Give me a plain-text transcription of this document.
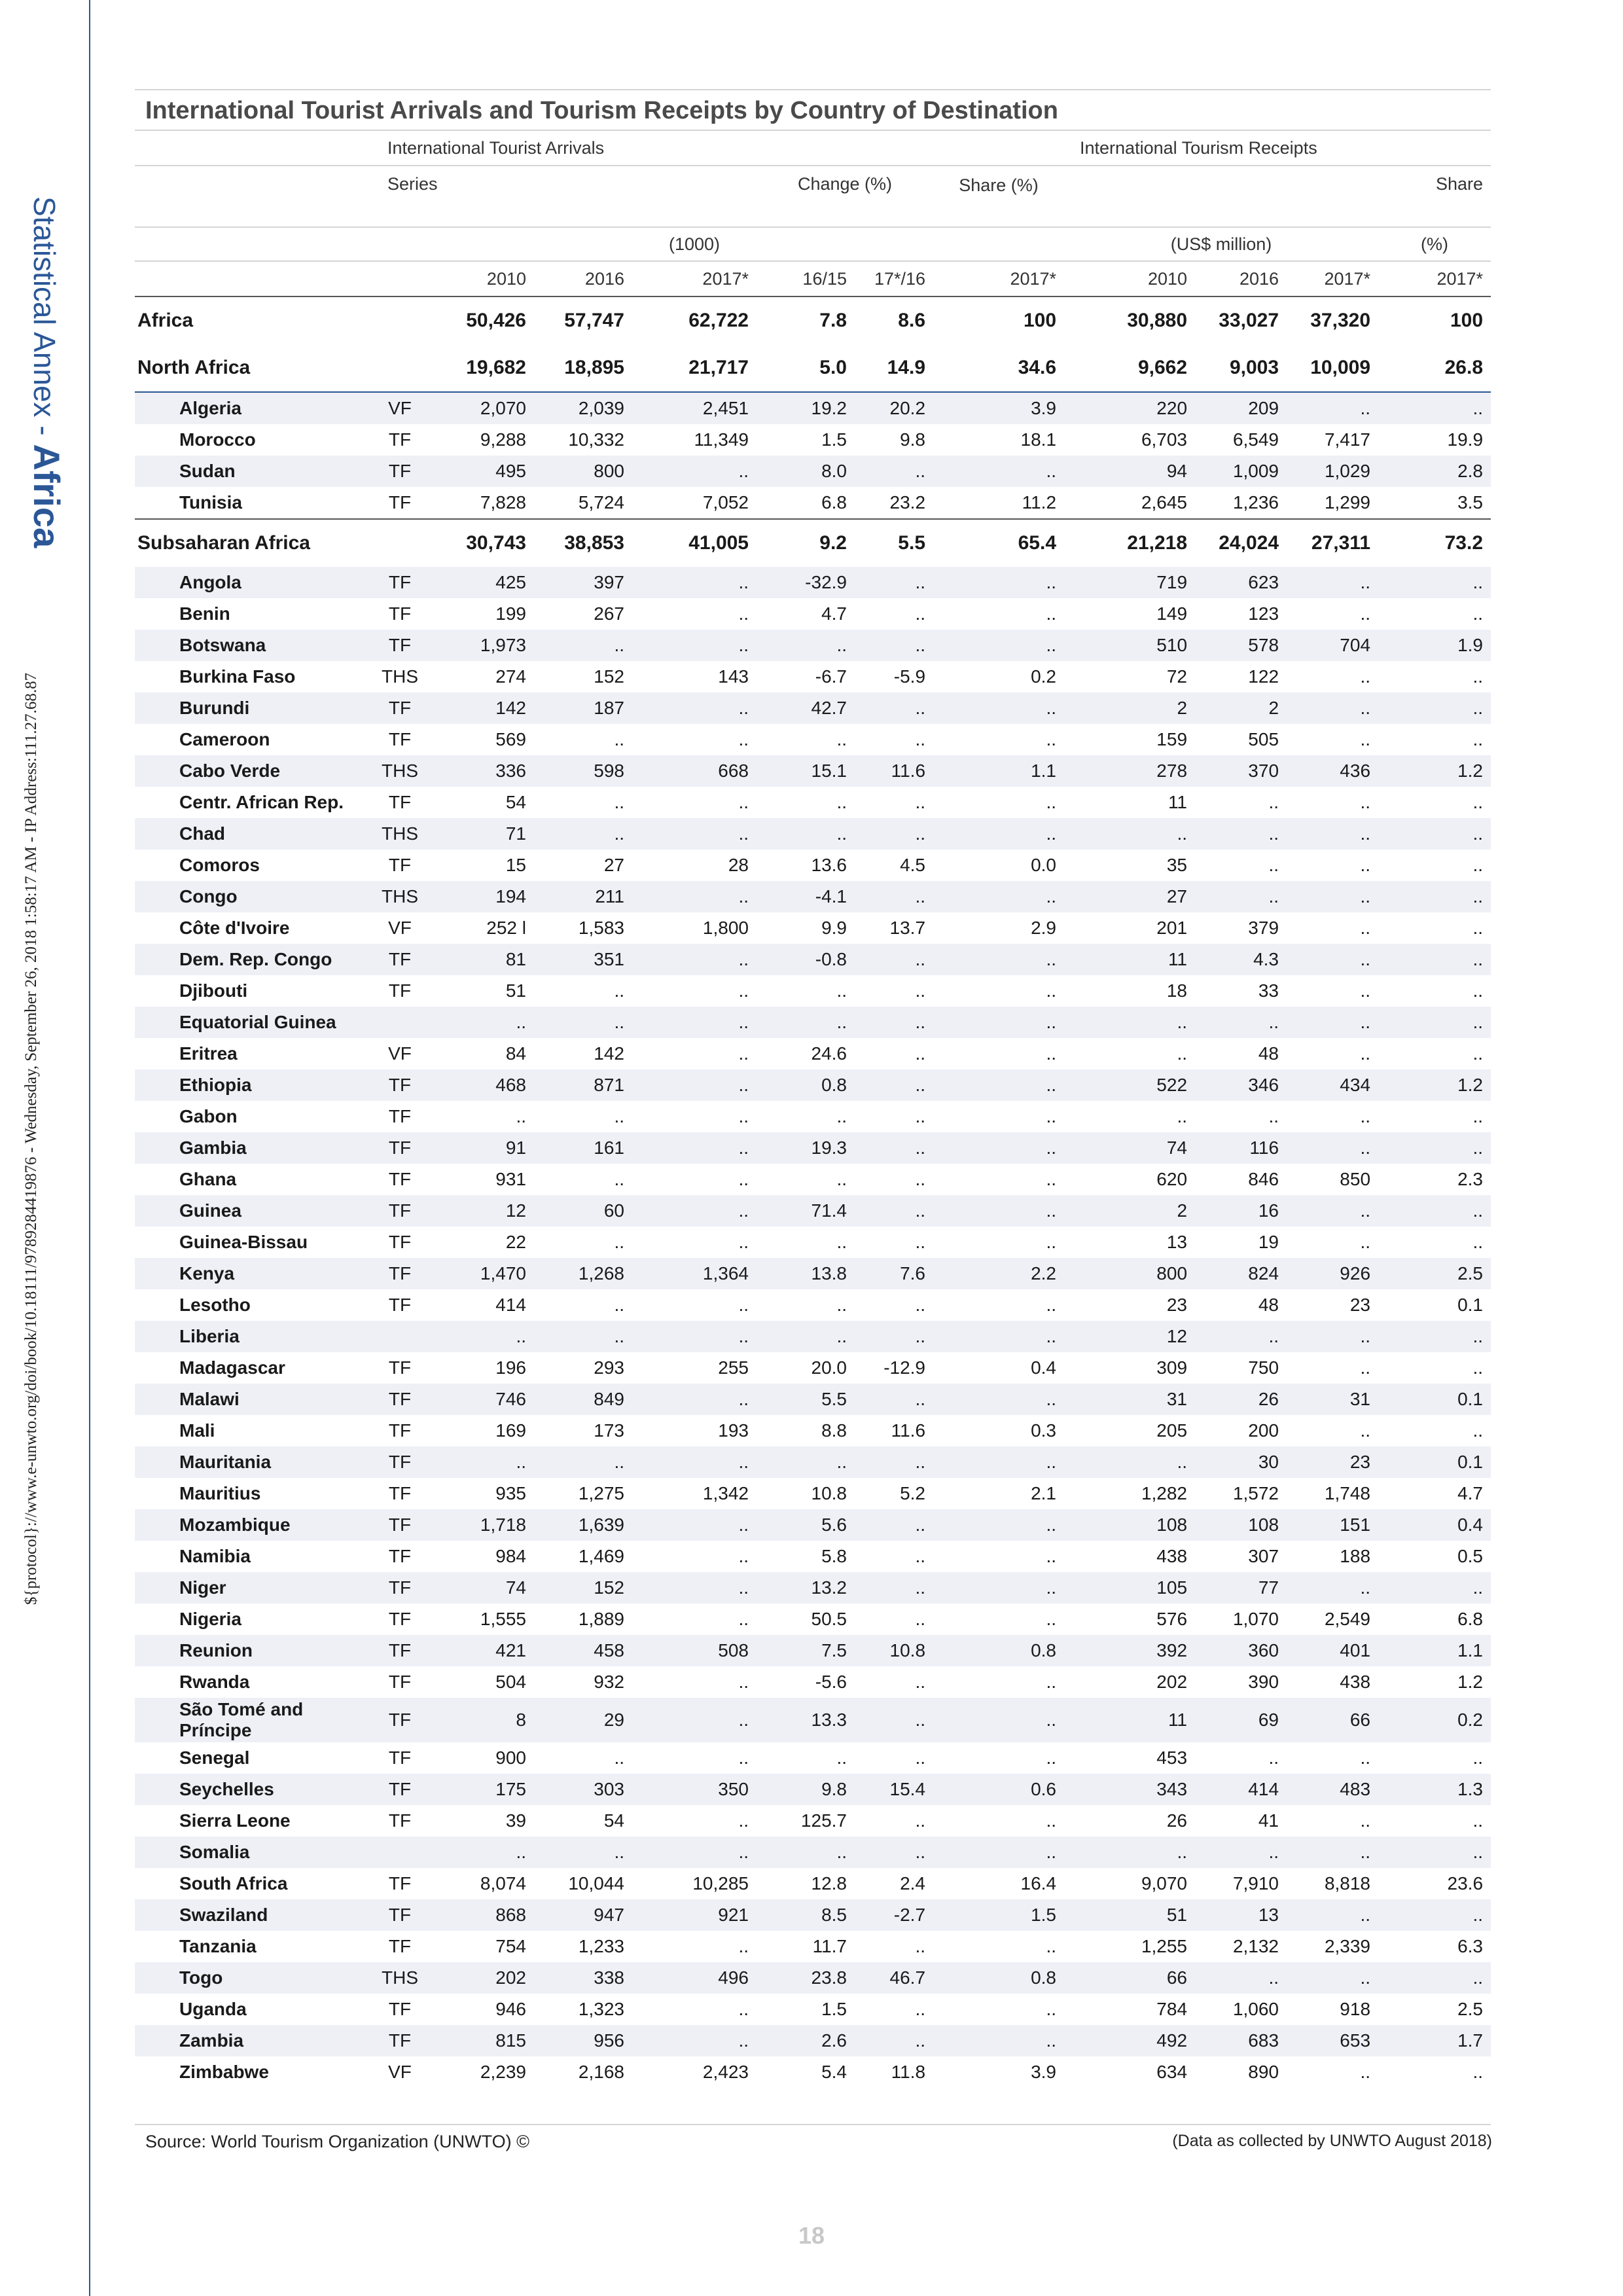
Statistical Annex - Africa
${protocol}://www.e-unwto.org/doi/book/10.18111/9789284419876 - Wednesday, September 26, 2018 1:58:17 AM - IP Address:111.27.68.87
International Tourist Arrivals and Tourism Receipts by Country of Destination
	International Tourist Arrivals							International Tourism Receipts			
	Series				Change (%)		Share (%)				Share
				(1000)				(US$ million)			(%)
		2010	2016	2017*	16/15	17*/16	2017*	2010	2016	2017*	2017*
Africa		50,426	57,747	62,722	7.8	8.6	100	30,880	33,027	37,320	100
North Africa		19,682	18,895	21,717	5.0	14.9	34.6	9,662	9,003	10,009	26.8
Algeria	VF	2,070	2,039	2,451	19.2	20.2	3.9	220	209	..	..
Morocco	TF	9,288	10,332	11,349	1.5	9.8	18.1	6,703	6,549	7,417	19.9
Sudan	TF	495	800	..	8.0	..	..	94	1,009	1,029	2.8
Tunisia	TF	7,828	5,724	7,052	6.8	23.2	11.2	2,645	1,236	1,299	3.5
Subsaharan Africa		30,743	38,853	41,005	9.2	5.5	65.4	21,218	24,024	27,311	73.2
Angola	TF	425	397	..	-32.9	..	..	719	623	..	..
Benin	TF	199	267	..	4.7	..	..	149	123	..	..
Botswana	TF	1,973	..	..	..	..	..	510	578	704	1.9
Burkina Faso	THS	274	152	143	-6.7	-5.9	0.2	72	122	..	..
Burundi	TF	142	187	..	42.7	..	..	2	2	..	..
Cameroon	TF	569	..	..	..	..	..	159	505	..	..
Cabo Verde	THS	336	598	668	15.1	11.6	1.1	278	370	436	1.2
Centr. African Rep.	TF	54	..	..	..	..	..	11	..	..	..
Chad	THS	71	..	..	..	..	..	..	..	..	..
Comoros	TF	15	27	28	13.6	4.5	0.0	35	..	..	..
Congo	THS	194	211	..	-4.1	..	..	27	..	..	..
Côte d'Ivoire	VF	252 l	1,583	1,800	9.9	13.7	2.9	201	379	..	..
Dem. Rep. Congo	TF	81	351	..	-0.8	..	..	11	4.3	..	..
Djibouti	TF	51	..	..	..	..	..	18	33	..	..
Equatorial Guinea		..	..	..	..	..	..	..	..	..	..
Eritrea	VF	84	142	..	24.6	..	..	..	48	..	..
Ethiopia	TF	468	871	..	0.8	..	..	522	346	434	1.2
Gabon	TF	..	..	..	..	..	..	..	..	..	..
Gambia	TF	91	161	..	19.3	..	..	74	116	..	..
Ghana	TF	931	..	..	..	..	..	620	846	850	2.3
Guinea	TF	12	60	..	71.4	..	..	2	16	..	..
Guinea-Bissau	TF	22	..	..	..	..	..	13	19	..	..
Kenya	TF	1,470	1,268	1,364	13.8	7.6	2.2	800	824	926	2.5
Lesotho	TF	414	..	..	..	..	..	23	48	23	0.1
Liberia		..	..	..	..	..	..	12	..	..	..
Madagascar	TF	196	293	255	20.0	-12.9	0.4	309	750	..	..
Malawi	TF	746	849	..	5.5	..	..	31	26	31	0.1
Mali	TF	169	173	193	8.8	11.6	0.3	205	200	..	..
Mauritania	TF	..	..	..	..	..	..	..	30	23	0.1
Mauritius	TF	935	1,275	1,342	10.8	5.2	2.1	1,282	1,572	1,748	4.7
Mozambique	TF	1,718	1,639	..	5.6	..	..	108	108	151	0.4
Namibia	TF	984	1,469	..	5.8	..	..	438	307	188	0.5
Niger	TF	74	152	..	13.2	..	..	105	77	..	..
Nigeria	TF	1,555	1,889	..	50.5	..	..	576	1,070	2,549	6.8
Reunion	TF	421	458	508	7.5	10.8	0.8	392	360	401	1.1
Rwanda	TF	504	932	..	-5.6	..	..	202	390	438	1.2
São Tomé and Príncipe	TF	8	29	..	13.3	..	..	11	69	66	0.2
Senegal	TF	900	..	..	..	..	..	453	..	..	..
Seychelles	TF	175	303	350	9.8	15.4	0.6	343	414	483	1.3
Sierra Leone	TF	39	54	..	125.7	..	..	26	41	..	..
Somalia		..	..	..	..	..	..	..	..	..	..
South Africa	TF	8,074	10,044	10,285	12.8	2.4	16.4	9,070	7,910	8,818	23.6
Swaziland	TF	868	947	921	8.5	-2.7	1.5	51	13	..	..
Tanzania	TF	754	1,233	..	11.7	..	..	1,255	2,132	2,339	6.3
Togo	THS	202	338	496	23.8	46.7	0.8	66	..	..	..
Uganda	TF	946	1,323	..	1.5	..	..	784	1,060	918	2.5
Zambia	TF	815	956	..	2.6	..	..	492	683	653	1.7
Zimbabwe	VF	2,239	2,168	2,423	5.4	11.8	3.9	634	890	..	..
Source: World Tourism Organization (UNWTO) ©	(Data as collected by UNWTO August 2018)
18
